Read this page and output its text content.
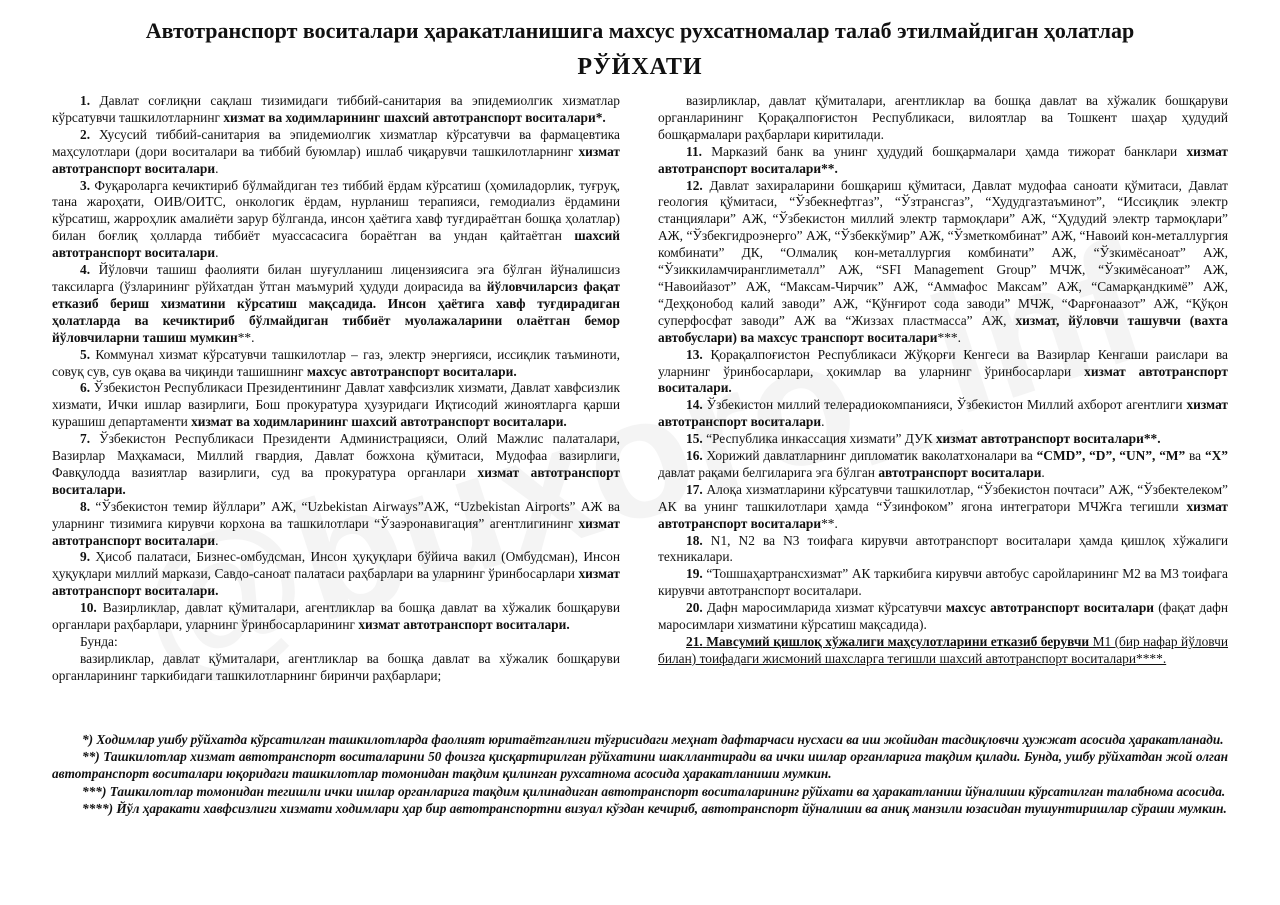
Автотранспорт воситалари ҳаракатланишига махсус рухсатномалар талаб этилмайдиган ҳолатлар
РЎЙХАТИ

1. Давлат соғлиқни сақлаш тизимидаги тиббий-санитария ва эпидемиолгик хизматлар кўрсатувчи ташкилотларнинг хизмат ва ходимларининг шахсий автотранспорт воситалари*.

2. Хусусий тиббий-санитария ва эпидемиолгик хизматлар кўрсатувчи ва фармацевтика маҳсулотлари (дори воситалари ва тиббий буюмлар) ишлаб чиқарувчи ташкилотларнинг хизмат автотранспорт воситалари.

3. Фуқароларга кечиктириб бўлмайдиган тез тиббий ёрдам кўрсатиш (ҳомиладорлик, туғруқ, тана жароҳати, ОИВ/ОИТС, онкологик ёрдам, нурланиш терапияси, гемодиализ ёрдамини кўрсатиш, жарроҳлик амалиёти зарур бўлганда, инсон ҳаётига хавф туғдираётган бошқа ҳолатлар) билан боғлиқ ҳолларда тиббиёт муассасасига бораётган ва ундан қайтаётган шахсий автотранспорт воситалари.

4. Йўловчи ташиш фаолияти билан шуғулланиш лицензиясига эга бўлган йўналишсиз таксиларга (ўзларининг рўйхатдан ўтган маъмурий ҳудуди доирасида ва йўловчиларсиз фақат етказиб бериш хизматини кўрсатиш мақсадида. Инсон ҳаётига хавф туғдирадиган ҳолатларда ва кечиктириб бўлмайдиган тиббиёт муолажаларини олаётган бемор йўловчиларни ташиш мумкин**.

5. Коммунал хизмат кўрсатувчи ташкилотлар – газ, электр энергияси, иссиқлик таъминоти, совуқ сув, сув оқава ва чиқинди ташишнинг махсус автотранспорт воситалари.

6. Ўзбекистон Республикаси Президентининг Давлат хавфсизлик хизмати, Давлат хавфсизлик хизмати, Ички ишлар вазирлиги, Бош прокуратура ҳузуридаги Иқтисодий жиноятларга қарши курашиш департаменти хизмат ва ходимларининг шахсий автотранспорт воситалари.

7. Ўзбекистон Республикаси Президенти Администрацияси, Олий Мажлис палаталари, Вазирлар Маҳкамаси, Миллий гвардия, Давлат божхона қўмитаси, Мудофаа вазирлиги, Фавқулодда вазиятлар вазирлиги, суд ва прокуратура органлари хизмат автотранспорт воситалари.

8. “Ўзбекистон темир йўллари” АЖ, “Uzbekistan Airways”АЖ, “Uzbekistan Airports” АЖ ва уларнинг тизимига кирувчи корхона ва ташкилотлари “Ўзаэронавигация” агентлигининг хизмат автотранспорт воситалари.

9. Ҳисоб палатаси, Бизнес-омбудсман, Инсон ҳуқуқлари бўйича вакил (Омбудсман), Инсон ҳуқуқлари миллий маркази, Савдо-санoат палатаси раҳбарлари ва уларнинг ўринбосарлари хизмат автотранспорт воситалари.

10. Вазирликлар, давлат қўмиталари, агентликлар ва бошқа давлат ва хўжалик бошқаруви органлари раҳбарлари, уларнинг ўринбосарларининг хизмат автотранспорт воситалари.

Бунда:

вазирликлар, давлат қўмиталари, агентликлар ва бошқа давлат ва хўжалик бошқаруви органларининг таркибидаги ташкилотларнинг биринчи раҳбарлари;

вазирликлар, давлат қўмиталари, агентликлар ва бошқа давлат ва хўжалик бошқаруви органларининг Қорақалпоғистон Республикаси, вилоятлар ва Тошкент шаҳар ҳудудий бошқармалари раҳбарлари киритилади.

11. Марказий банк ва унинг ҳудудий бошқармалари ҳамда тижорат банклари хизмат автотранспорт воситалари**.

12. Давлат захираларини бошқариш қўмитаси, Давлат мудофаа саноати қўмитаси, Давлат геология қўмитаси, “Ўзбекнефтгаз”, “Ўзтрансгаз”, “Худудгазтаъминот”, “Иссиқлик электр станциялари” АЖ, “Ўзбекистон миллий электр тармоқлари” АЖ, “Ҳудудий электр тармоқлари” АЖ, “Ўзбекгидроэнерго” АЖ, “Ўзбеккўмир” АЖ, “Ўзметкомбинат” АЖ, “Навоий кон-металлургия комбинати” ДК, “Олмалиқ кон-металлургия комбинати” АЖ, “Ўзкимёсаноат” АЖ, “Ўзиккиламчиранглиметалл” АЖ, “SFI Management Group” МЧЖ, “Ўзкимёсаноат” АЖ, “Навоийазот” АЖ, “Максам-Чирчик” АЖ, “Аммафос Максам” АЖ, “Самарқандкимё” АЖ, “Деҳқонобод калий заводи” АЖ, “Қўнғирот сода заводи” МЧЖ, “Фарғонаазот” АЖ, “Қўқон суперфосфат заводи” АЖ ва “Жиззах пластмасса” АЖ, хизмат, йўловчи ташувчи (вахта автобуслари) ва махсус транспорт воситалари***.

13. Қорақалпоғистон Республикаси Жўқорғи Кенгеси ва Вазирлар Кенгаши раислари ва уларнинг ўринбосарлари, ҳокимлар ва уларнинг ўринбосарлари хизмат автотранспорт воситалари.

14. Ўзбекистон миллий телерадиокомпанияси, Ўзбекистон Миллий ахборот агентлиги хизмат автотранспорт воситалари.

15. “Республика инкассация хизмати” ДУК хизмат автотранспорт воситалари**.

16. Хорижий давлатларнинг дипломатик ваколатхоналари ва “CMD”, “D”, “UN”, “M” ва “X” давлат рақами белгиларига эга бўлган автотранспорт воситалари.

17. Алоқа хизматларини кўрсатувчи ташкилотлар, “Ўзбекистон почтаси” АЖ, “Ўзбектелеком” АК ва унинг ташкилотлари ҳамда “Ўзинфоком” ягона интегратори МЧЖга тегишли хизмат автотранспорт воситалари**.

18. N1, N2 ва N3 тоифага кирувчи автотранспорт воситалари ҳамда қишлоқ хўжалиги техникалари.

19. “Тошшаҳартрансхизмат” АК таркибига кирувчи автобус саройларининг М2 ва М3 тоифага кирувчи автотранспорт воситалари.

20. Дафн маросимларида хизмат кўрсатувчи махсус автотранспорт воситалари (фақат дафн маросимлари хизматини кўрсатиш мақсадида).

21. Мавсумий қишлоқ хўжалиги маҳсулотларини етказиб берувчи М1 (бир нафар йўловчи билан) тоифадаги жисмоний шахсларга тегишли шахсий автотранспорт воситалари****.

*) Ходимлар ушбу рўйхатда кўрсатилган ташкилотларда фаолият юритаётганлиги тўғрисидаги меҳнат дафтарчаси нусхаси ва иш жойидан тасдиқловчи ҳужжат асосида ҳаракатланади.

**) Ташкилотлар хизмат автотранспорт воситаларини 50 фоизга қисқартирилган рўйхатини шакллантиради ва ички ишлар органларига тақдим қилади. Бунда, ушбу рўйхатдан жой олган автотранспорт воситалари юқоридаги ташкилотлар томонидан тақдим қилинган рухсатнома асосида ҳаракатланиши мумкин.

***) Ташкилотлар томонидан тегишли ички ишлар органларига тақдим қилинадиган автотранспорт воситаларининг рўйхати ва ҳаракатланиш йўналиши кўрсатилган талабнома асосида.

****) Йўл ҳаракати хавфсизлиги хизмати ходимлари ҳар бир автотранспортни визуал кўздан кечириб, автотранспорт йўналиши ва аниқ манзили юзасидан тушунтиришлар сўраши мумкин.
